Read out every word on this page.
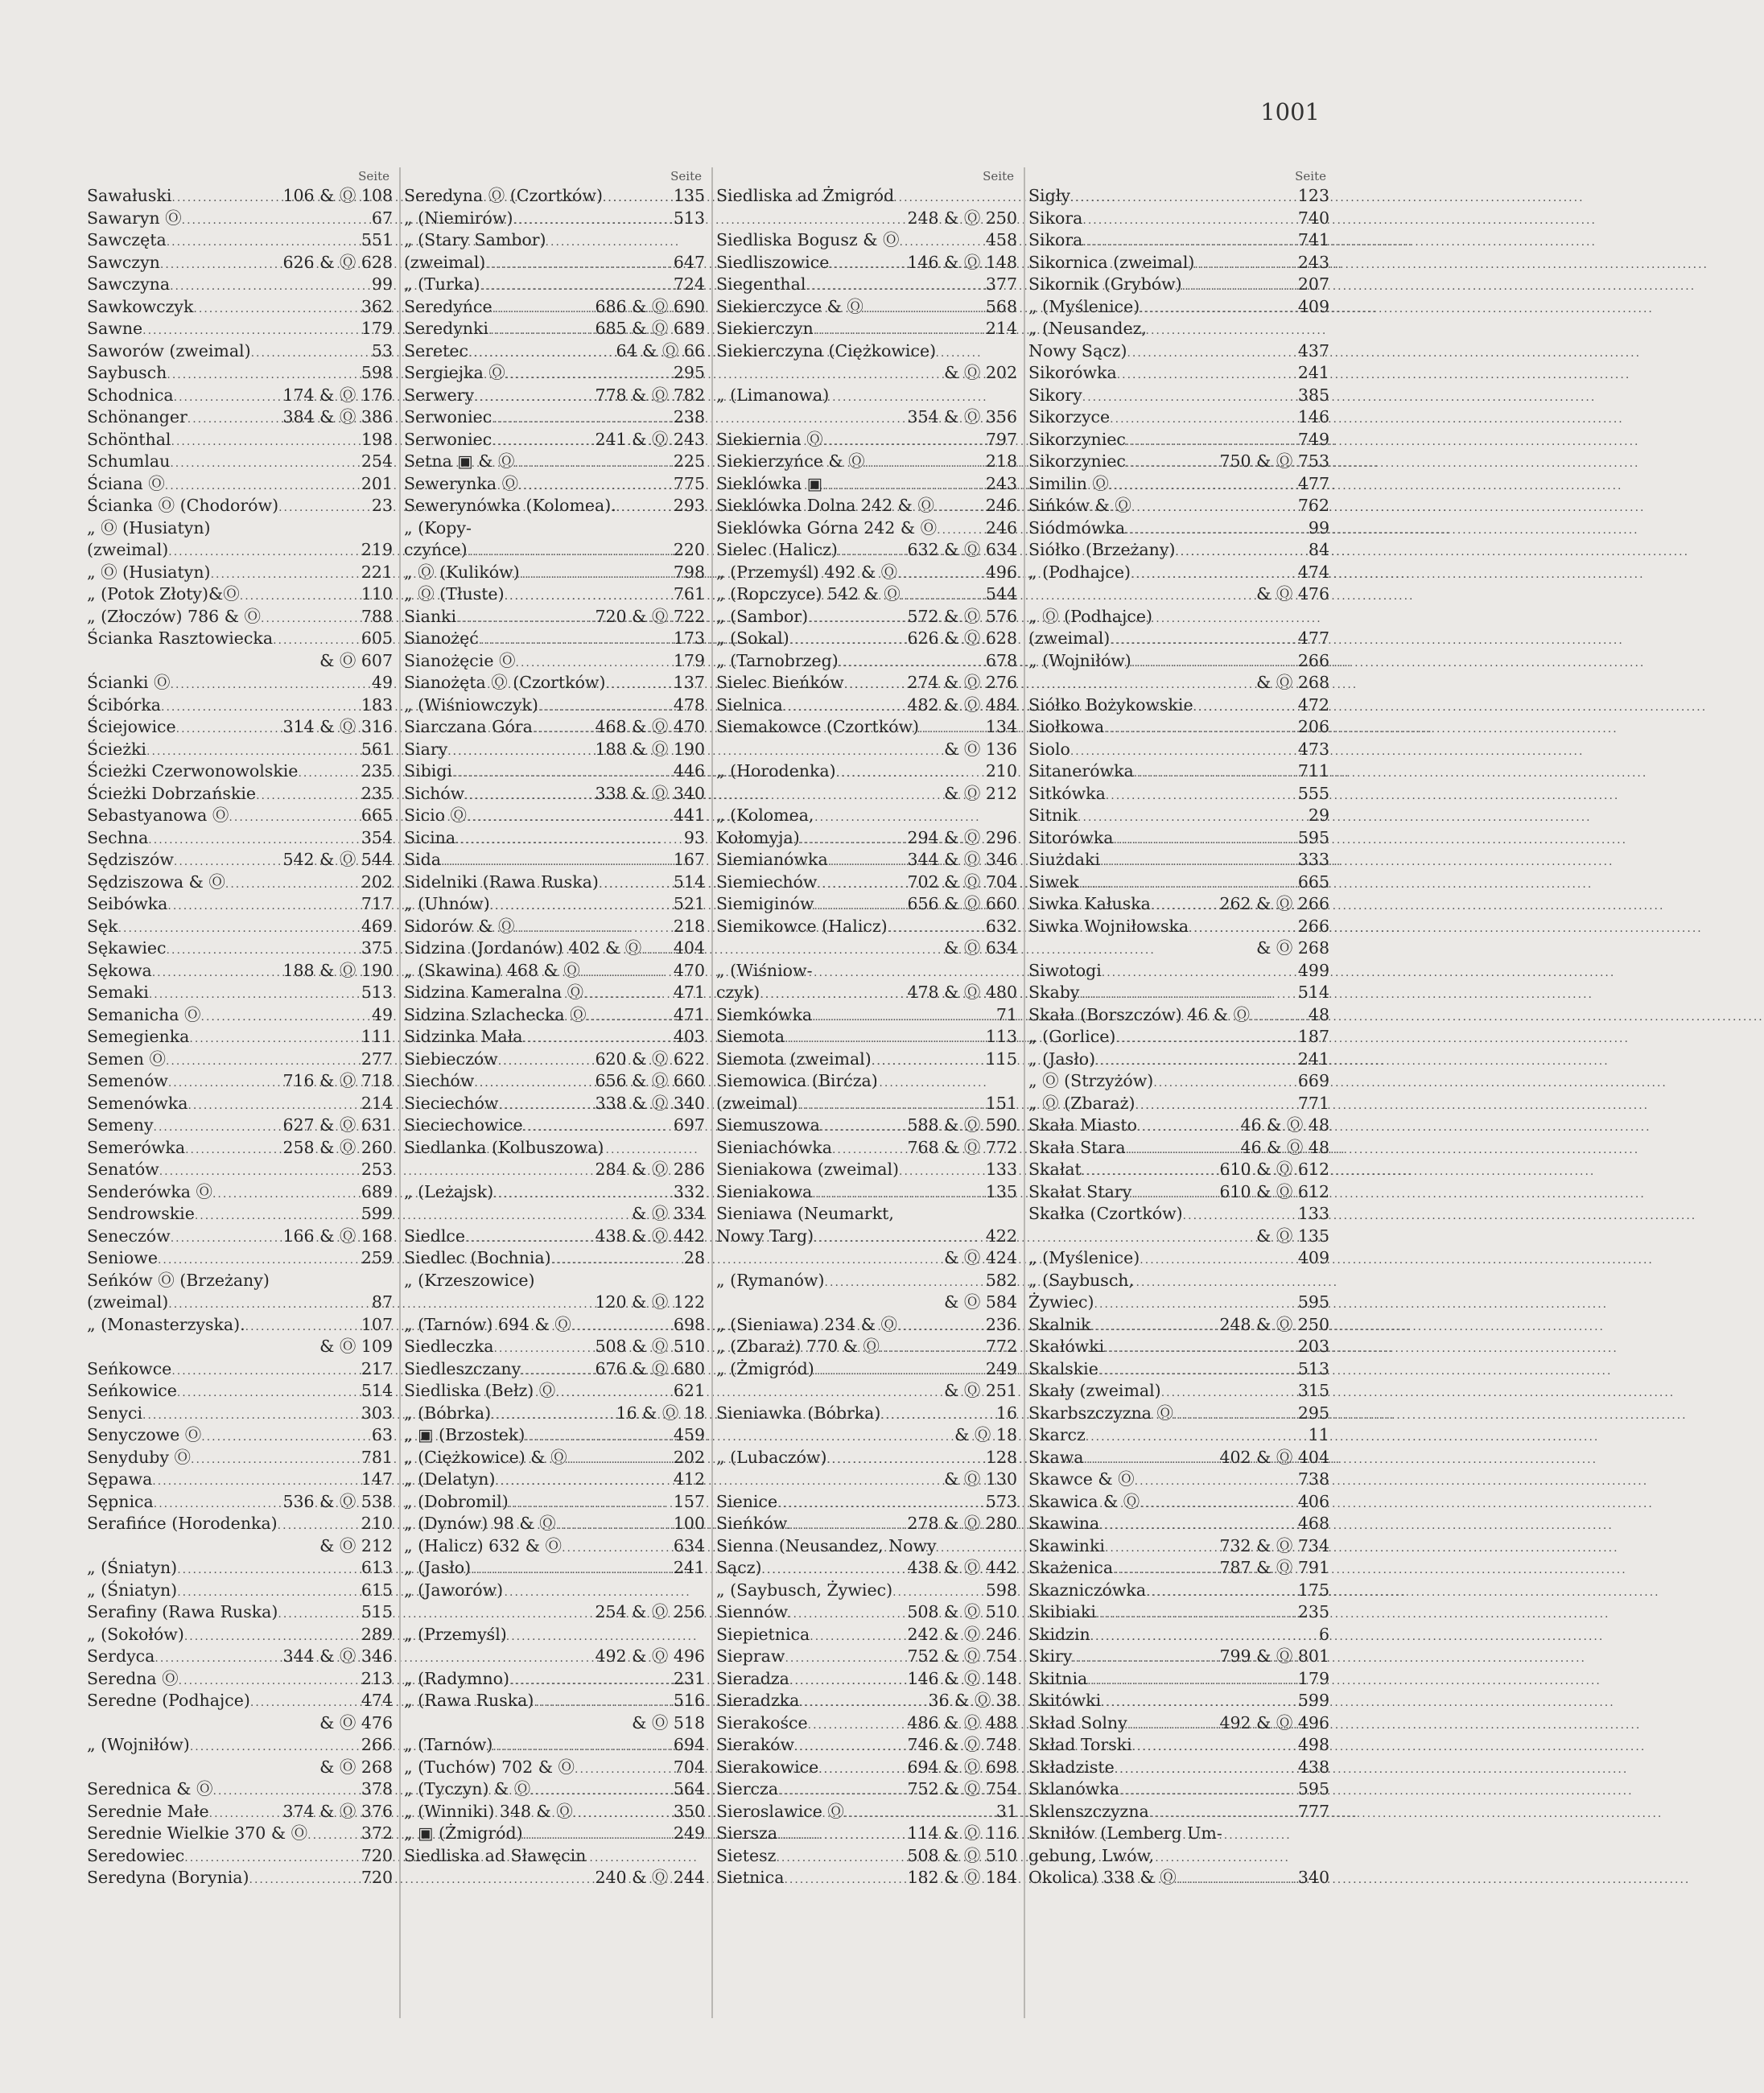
1001
Seite
Sawałuski .....	106 & Ⓞ 108
Sawaryn Ⓞ .....	67
Sawczęta .....	551
Sawczyn .....	626 & Ⓞ 628
Sawczyna .....	99
Sawkowczyk .....	362
Sawne .....	179
Saworów (zweimal) .....	53
Saybusch .....	598
Schodnica .....	174 & Ⓞ 176
Schönanger .....	384 & Ⓞ 386
Schönthal .....	198
Schumlau .....	254
Ściana Ⓞ .....	201
Ścianka Ⓞ (Chodorów) .....	23
„ Ⓞ (Husiatyn)
(zweimal) .....	219
„ Ⓞ (Husiatyn) .....	221
„ (Potok Złoty)&Ⓞ .....	110
„ (Złoczów) 786 & Ⓞ .....	788
Ścianka Rasztowiecka .....	605
& Ⓞ 607
Ścianki Ⓞ .....	49
Ścibórka .....	183
Ściejowice .....	314 & Ⓞ 316
Ścieżki .....	561
Ścieżki Czerwonowolskie .....	235
Ścieżki Dobrzańskie .....	235
Sebastyanowa Ⓞ .....	665
Sechna .....	354
Sędziszów .....	542 & Ⓞ 544
Sędziszowa & Ⓞ .....	202
Seibówka .....	717
Sęk .....	469
Sękawiec .....	375
Sękowa .....	188 & Ⓞ 190
Semaki .....	513
Semanicha Ⓞ .....	49
Semegienka .....	111
Semen Ⓞ .....	277
Semenów .....	716 & Ⓞ 718
Semenówka .....	214
Semeny .....	627 & Ⓞ 631
Semerówka .....	258 & Ⓞ 260
Senatów .....	253
Senderówka Ⓞ .....	689
Sendrowskie .....	599
Seneczów .....	166 & Ⓞ 168
Seniowe .....	259
Seńków Ⓞ (Brzeżany)
(zweimal) .....	87
„ (Monasterzyska). .....	107
& Ⓞ 109
Seńkowce .....	217
Seńkowice .....	514
Senyci .....	303
Senyczowe Ⓞ .....	63
Senyduby Ⓞ .....	781
Sępawa .....	147
Sępnica .....	536 & Ⓞ 538
Serafińce (Horodenka) .....	210
& Ⓞ 212
„ (Śniatyn) .....	613
„ (Śniatyn) .....	615
Serafiny (Rawa Ruska) .....	515
„ (Sokołów) .....	289
Serdyca .....	344 & Ⓞ 346
Seredna Ⓞ .....	213
Seredne (Podhajce) .....	474
& Ⓞ 476
„ (Wojniłów) .....	266
& Ⓞ 268
Serednica & Ⓞ .....	378
Serednie Małe .....	374 & Ⓞ 376
Serednie Wielkie 370 & Ⓞ .....	372
Seredowiec .....	720
Seredyna (Borynia) .....	720
Seite
Seredyna Ⓞ (Czortków) .....	135
„ (Niemirów) .....	513
„ (Stary Sambor)
(zweimal) .....	647
„ (Turka) .....	724
Seredyńce .....	686 & Ⓞ 690
Seredynki .....	685 & Ⓞ 689
Seretec .....	64 & Ⓞ 66
Sergiejka Ⓞ .....	295
Serwery .....	778 & Ⓞ 782
Serwoniec .....	238
Serwoniec .....	241 & Ⓞ 243
Setna ▣ & Ⓞ .....	225
Sewerynka Ⓞ .....	775
Sewerynówka (Kolomea). .....	293
„ (Kopy-
czyńce) .....	220
„ Ⓞ (Kulików) .....	798
„ Ⓞ (Tłuste) .....	761
Sianki .....	720 & Ⓞ 722
Sianożęć .....	173
Sianożęcie Ⓞ .....	179
Sianożęta Ⓞ (Czortków) .....	137
„ (Wiśniowczyk) .....	478
Siarczana Góra .....	468 & Ⓞ 470
Siary .....	188 & Ⓞ 190
Sibigi .....	446
Sichów .....	338 & Ⓞ 340
Sicio Ⓞ .....	441
Sicina .....	93
Sida .....	167
Sidelniki (Rawa Ruska) .....	514
„ (Uhnów) .....	521
Sidorów & Ⓞ .....	218
Sidzina (Jordanów) 402 & Ⓞ ..... 404
„ (Skawina) 468 & Ⓞ .....	470
Sidzina Kameralna Ⓞ .....	471
Sidzina Szlachecka Ⓞ .....	471
Sidzinka Mała .....	403
Siebieczów .....	620 & Ⓞ 622
Siechów .....	656 & Ⓞ 660
Sieciechów .....	338 & Ⓞ 340
Sieciechowice .....	697
Siedlanka (Kolbuszowa)
284 & Ⓞ 286
„ (Leżajsk) .....	332
& Ⓞ 334
Siedlce .....	438 & Ⓞ 442
Siedlec (Bochnia) .....	28
„ (Krzeszowice)
120 & Ⓞ 122
„ (Tarnów) 694 & Ⓞ .....	698
Siedleczka .....	508 & Ⓞ 510
Siedleszczany .....	676 & Ⓞ 680
Siedliska (Bełz) Ⓞ .....	621
„ (Bóbrka) .....	16 & Ⓞ 18
„ ▣ (Brzostek) .....	459
„ (Ciężkowice) & Ⓞ .....	202
„ (Delatyn) .....	412
„ (Dobromil) .....	157
„ (Dynów) 98 & Ⓞ .....	100
„ (Halicz) 632 & Ⓞ .....	634
„ (Jasło) .....	241
„ (Jaworów)
254 & Ⓞ 256
„ (Przemyśl)
492 & Ⓞ 496
„ (Radymno) .....	231
„ (Rawa Ruska) .....	516
& Ⓞ 518
„ (Tarnów) .....	694
„ (Tuchów) 702 & Ⓞ .....	704
„ (Tyczyn) & Ⓞ .....	564
„ (Winniki) 348 & Ⓞ .....	350
„ ▣ (Żmigród) .....	249
Siedliska ad Sławęcin
240 & Ⓞ 244
Seite
Siedliska ad Żmigród
248 & Ⓞ 250
Siedliska Bogusz & Ⓞ .....	458
Siedliszowice .....	146 & Ⓞ 148
Siegenthal .....	377
Siekierczyce & Ⓞ .....	568
Siekierczyn .....	214
Siekierczyna (Ciężkowice)
& Ⓞ 202
„ (Limanowa)
354 & Ⓞ 356
Siekiernia Ⓞ .....	797
Siekierzyńce & Ⓞ .....	218
Sieklówka ▣ .....	243
Sieklówka Dolna 242 & Ⓞ .....	246
Sieklówka Górna 242 & Ⓞ .....	246
Sielec (Halicz) .....	632 & Ⓞ 634
„ (Przemyśl) 492 & Ⓞ .....	496
„ (Ropczyce) 542 & Ⓞ .....	544
„ (Sambor) .....	572 & Ⓞ 576
„ (Sokal) .....	626 & Ⓞ 628
„ (Tarnobrzeg) .....	678
Sielec Bieńków .....	274 & Ⓞ 276
Sielnica .....	482 & Ⓞ 484
Siemakowce (Czortków) .....	134
& Ⓞ 136
„ (Horodenka) .....	210
& Ⓞ 212
„ (Kolomea,
Kołomyja) .....	294 & Ⓞ 296
Siemianówka .....	344 & Ⓞ 346
Siemiechów .....	702 & Ⓞ 704
Siemiginów .....	656 & Ⓞ 660
Siemikowce (Halicz) .....	632
& Ⓞ 634
„ (Wiśniow-
czyk) .....	478 & Ⓞ 480
Siemkówka .....	71
Siemota .....	113
Siemota (zweimal) .....	115
Siemowica (Birćza)
(zweimal) .....	151
Siemuszowa .....	588 & Ⓞ 590
Sieniachówka .....	768 & Ⓞ 772
Sieniakowa (zweimal) .....	133
Sieniakowa .....	135
Sieniawa (Neumarkt,
Nowy Targ) .....	422
& Ⓞ 424
„ (Rymanów) .....	582
& Ⓞ 584
„ (Sieniawa) 234 & Ⓞ .....	236
„ (Zbaraż) 770 & Ⓞ .....	772
„ (Żmigród) .....	249
& Ⓞ 251
Sieniawka (Bóbrka) .....	16
& Ⓞ 18
„ (Lubaczów) .....	128
& Ⓞ 130
Sienice .....	573
Sieńków .....	278 & Ⓞ 280
Sienna (Neusandez, Nowy
Sącz) .....	438 & Ⓞ 442
„ (Saybusch, Żywiec) .....	598
Siennów .....	508 & Ⓞ 510
Siepietnica .....	242 & Ⓞ 246
Siepraw .....	752 & Ⓞ 754
Sieradza .....	146 & Ⓞ 148
Sieradzka .....	36 & Ⓞ 38
Sierakośce .....	486 & Ⓞ 488
Sieraków .....	746 & Ⓞ 748
Sierakowice .....	694 & Ⓞ 698
Siercza .....	752 & Ⓞ 754
Sieroslawice Ⓞ .....	31
Siersza .....	114 & Ⓞ 116
Sietesz .....	508 & Ⓞ 510
Sietnica .....	182 & Ⓞ 184
Seite
Sigły .....	123
Sikora .....	740
Sikora .....	741
Sikornica (zweimal) .....	243
Sikornik (Grybów) .....	207
„ (Myślenice) .....	409
„ (Neusandez,
Nowy Sącz) .....	437
Sikorówka .....	241
Sikory .....	385
Sikorzyce .....	146
Sikorzyniec .....	749
Sikorzyniec .....	750 & Ⓞ 753
Similin Ⓞ .....	477
Sińków & Ⓞ .....	762
Siódmówka .....	99
Siółko (Brzeżany) .....	84
„ (Podhajce) .....	474
& Ⓞ 476
„ Ⓞ (Podhajce)
(zweimal) .....	477
„ (Wojniłów) .....	266
& Ⓞ 268
Siółko Bożykowskie .....	472
Siołkowa .....	206
Siolo .....	473
Sitanerówka .....	711
Sitkówka .....	555
Sitnik .....	29
Sitorówka .....	595
Siużdaki .....	333
Siwek .....	665
Siwka Kałuska .....	262 & Ⓞ 266
Siwka Wojniłowska .....	266
& Ⓞ 268
Siwotogi .....	499
Skaby .....	514
Skała (Borszczów) 46 & Ⓞ .....	48
„ (Gorlice) .....	187
„ (Jasło) .....	241
„ Ⓞ (Strzyżów) .....	669
„ Ⓞ (Zbaraż) .....	771
Skała Miasto .....	46 & Ⓞ 48
Skała Stara .....	46 & Ⓞ 48
Skałat .....	610 & Ⓞ 612
Skałat Stary .....	610 & Ⓞ 612
Skałka (Czortków) .....	133
& Ⓞ 135
„ (Myślenice) .....	409
„ (Saybusch,
Żywiec) .....	595
Skalnik .....	248 & Ⓞ 250
Skałówki .....	203
Skalskie .....	513
Skały (zweimal) .....	315
Skarbszczyzna Ⓞ .....	295
Skarcz .....	11
Skawa .....	402 & Ⓞ 404
Skawce & Ⓞ .....	738
Skawica & Ⓞ .....	406
Skawina .....	468
Skawinki .....	732 & Ⓞ 734
Skażenica .....	787 & Ⓞ 791
Skazniczówka .....	175
Skibiaki .....	235
Skidzin .....	6
Skiry .....	799 & Ⓞ 801
Skitnia .....	179
Skitówki .....	599
Skład Solny .....	492 & Ⓞ 496
Skład Torski .....	498
Składziste .....	438
Sklanówka .....	595
Sklenszczyzna .....	777
Skniłów (Lemberg Um-
gebung, Lwów,
Okolica) 338 & Ⓞ .....	340
